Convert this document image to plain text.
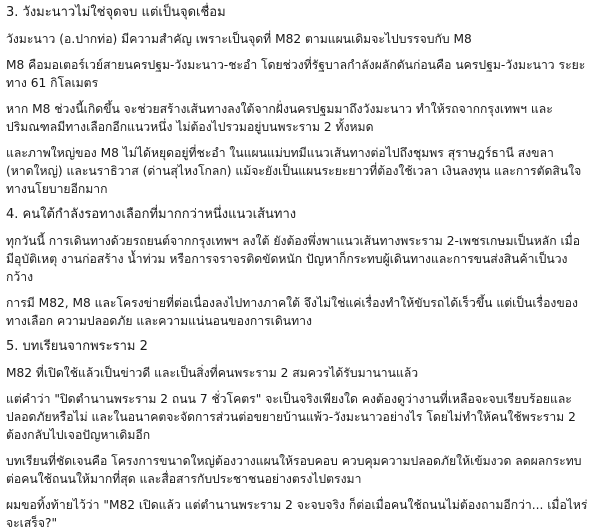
3. วังมะนาวไม่ใช่จุดจบ แต่เป็นจุดเชื่อม
วังมะนาว (อ.ปากท่อ) มีความสำคัญ เพราะเป็นจุดที่ M82 ตามแผนเดิมจะไปบรรจบกับ M8
M8 คือมอเตอร์เวย์สายนครปฐม-วังมะนาว-ชะอำ โดยช่วงที่รัฐบาลกำลังผลักดันก่อนคือ นครปฐม-วังมะนาว ระยะ
ทาง 61 กิโลเมตร
หาก M8 ช่วงนี้เกิดขึ้น จะช่วยสร้างเส้นทางลงใต้จากฝั่งนครปฐมมาถึงวังมะนาว ทำให้รถจากกรุงเทพฯ และ
ปริมณฑลมีทางเลือกอีกแนวหนึ่ง ไม่ต้องไปรวมอยู่บนพระราม 2 ทั้งหมด
และภาพใหญ่ของ M8 ไม่ได้หยุดอยู่ที่ชะอำ ในแผนแม่บทมีแนวเส้นทางต่อไปถึงชุมพร สุราษฎร์ธานี สงขลา
(หาดใหญ่) และนราธิวาส (ด่านสุไหงโกลก) แม้จะยังเป็นแผนระยะยาวที่ต้องใช้เวลา เงินลงทุน และการตัดสินใจ
ทางนโยบายอีกมาก
4. คนใต้กำลังรอทางเลือกที่มากกว่าหนึ่งแนวเส้นทาง
ทุกวันนี้ การเดินทางด้วยรถยนต์จากกรุงเทพฯ ลงใต้ ยังต้องพึ่งพาแนวเส้นทางพระราม 2-เพชรเกษมเป็นหลัก เมื่อ
มีอุบัติเหตุ งานก่อสร้าง น้ำท่วม หรือการจราจรติดขัดหนัก ปัญหาก็กระทบผู้เดินทางและการขนส่งสินค้าเป็นวง
กว้าง
การมี M82, M8 และโครงข่ายที่ต่อเนื่องลงไปทางภาคใต้ จึงไม่ใช่แค่เรื่องทำให้ขับรถได้เร็วขึ้น แต่เป็นเรื่องของ
ทางเลือก ความปลอดภัย และความแน่นอนของการเดินทาง
5. บทเรียนจากพระราม 2
M82 ที่เปิดใช้แล้วเป็นข่าวดี และเป็นสิ่งที่คนพระราม 2 สมควรได้รับมานานแล้ว
แต่คำว่า "ปิดตำนานพระราม 2 ถนน 7 ชั่วโคตร" จะเป็นจริงเพียงใด คงต้องดูว่างานที่เหลือจะจบเรียบร้อยและ
ปลอดภัยหรือไม่ และในอนาคตจะจัดการส่วนต่อขยายบ้านแพ้ว-วังมะนาวอย่างไร โดยไม่ทำให้คนใช้พระราม 2
ต้องกลับไปเจอปัญหาเดิมอีก
บทเรียนที่ชัดเจนคือ โครงการขนาดใหญ่ต้องวางแผนให้รอบคอบ ควบคุมความปลอดภัยให้เข้มงวด ลดผลกระทบ
ต่อคนใช้ถนนให้มากที่สุด และสื่อสารกับประชาชนอย่างตรงไปตรงมา
ผมขอทิ้งท้ายไว้ว่า "M82 เปิดแล้ว แต่ตำนานพระราม 2 จะจบจริง ก็ต่อเมื่อคนใช้ถนนไม่ต้องถามอีกว่า... เมื่อไหร่
จะเสร็จ?"
